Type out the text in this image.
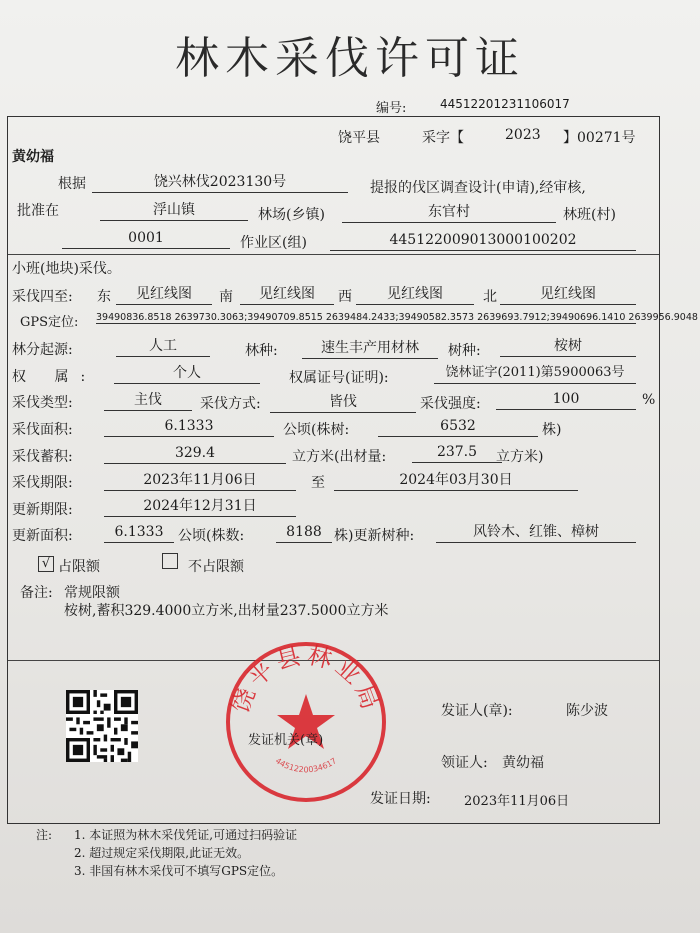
林木采伐许可证
编号:	44512201231106017
饶平县	采字【	2023 】00271号
黄幼福
根据	饶兴林伐2023130号	提报的伐区调查设计(申请),经审核,
批准在	浮山镇	林场(乡镇)	东官村	林班(村)
0001	作业区(组)	445122009013000100202
小班(地块)采伐。
采伐四至: 东	见红线图	南	见红线图	西	见红线图	北	见红线图
GPS定位: 39490836.8518 2639730.3063;39490709.8515 2639484.2433;39490582.3573 2639693.7912;39490696.1410 2639956.9048
林分起源:	人工	林种:	速生丰产用材林	树种:	桉树
权 属:	个人	权属证号(证明):	饶林证字(2011)第5900063号
采伐类型:	主伐	采伐方式:	皆伐	采伐强度:	100	%
采伐面积:	6.1333	公顷(株树:	6532	株)
采伐蓄积:	329.4	立方米(出材量:	237.5	立方米)
采伐期限:	2023年11月06日	至	2024年03月30日
更新期限:	2024年12月31日
更新面积:	6.1333	公顷(株数:	8188 株)更新树种:	风铃木、红锥、樟树
√ 占限额	不占限额
备注: 常规限额
桉树,蓄积329.4000立方米,出材量237.5000立方米
饶平县林业局
4451220034617
发证人(章):	陈少波
发证机关(章)
领证人: 黄幼福
发证日期:	2023年11月06日
注: 1. 本证照为林木采伐凭证,可通过扫码验证
2. 超过规定采伐期限,此证无效。
3. 非国有林木采伐可不填写GPS定位。
